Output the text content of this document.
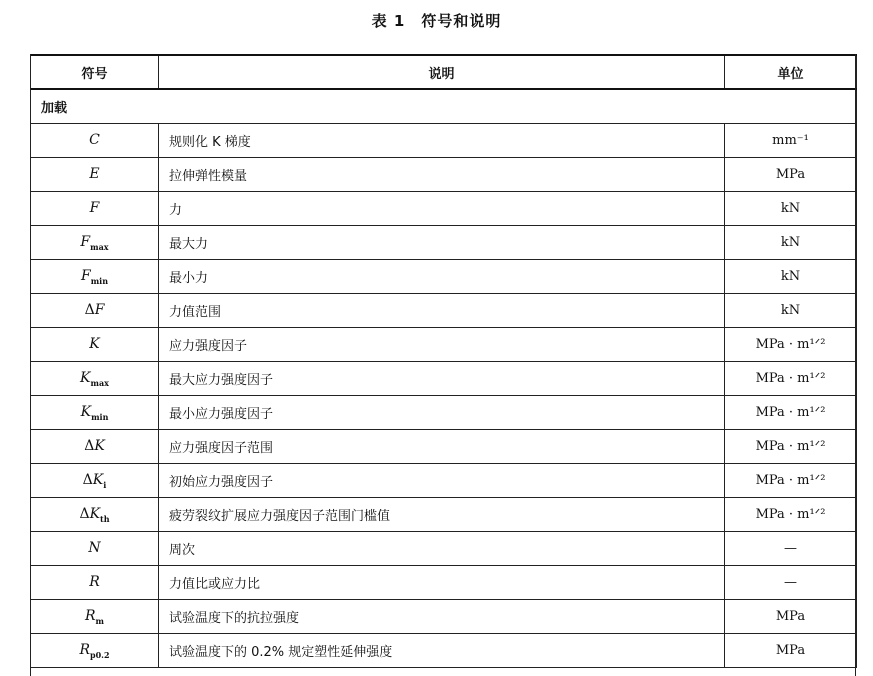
表 1　符号和说明
符号	说明	单位
加载		
C	规则化 K 梯度	mm⁻¹
E	拉伸弹性模量	MPa
F	力	kN
$F_{max}$	最大力	kN
$F_{min}$	最小力	kN
ΔF	力值范围	kN
K	应力强度因子	MPa · m¹ᐟ²
$K_{max}$	最大应力强度因子	MPa · m¹ᐟ²
$K_{min}$	最小应力强度因子	MPa · m¹ᐟ²
ΔK	应力强度因子范围	MPa · m¹ᐟ²
$\Delta K_i$	初始应力强度因子	MPa · m¹ᐟ²
$\Delta K_{th}$	疲劳裂纹扩展应力强度因子范围门槛值	MPa · m¹ᐟ²
N	周次	—
R	力值比或应力比	—
$R_m$	试验温度下的抗拉强度	MPa
$R_{p0.2}$	试验温度下的 0.2% 规定塑性延伸强度	MPa
